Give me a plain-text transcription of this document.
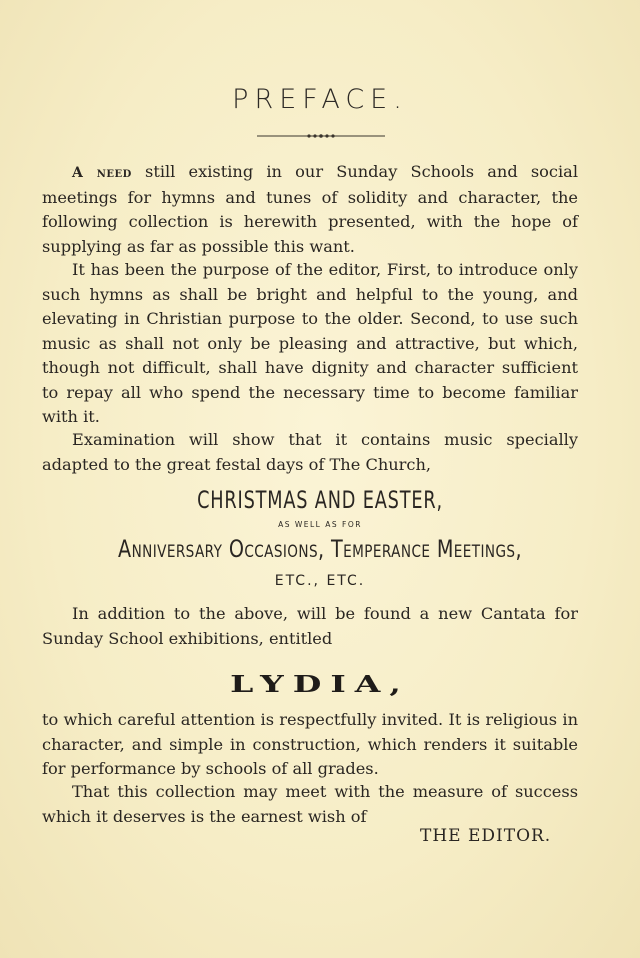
PREFACE.
A need still existing in our Sunday Schools and social meetings for hymns and tunes of solidity and character, the following collection is herewith presented, with the hope of supplying as far as possible this want.
It has been the purpose of the editor, First, to introduce only such hymns as shall be bright and helpful to the young, and elevating in Christian purpose to the older. Second, to use such music as shall not only be pleasing and attractive, but which, though not difficult, shall have dignity and character sufficient to repay all who spend the necessary time to become familiar with it.
Examination will show that it contains music specially adapted to the great festal days of The Church,
CHRISTMAS AND EASTER,
AS WELL AS FOR
Anniversary Occasions, Temperance Meetings,
ETC., ETC.
In addition to the above, will be found a new Cantata for Sunday School exhibitions, entitled
LYDIA,
to which careful attention is respectfully invited. It is religious in character, and simple in construction, which renders it suitable for performance by schools of all grades.
That this collection may meet with the measure of success which it deserves is the earnest wish of
THE EDITOR.
